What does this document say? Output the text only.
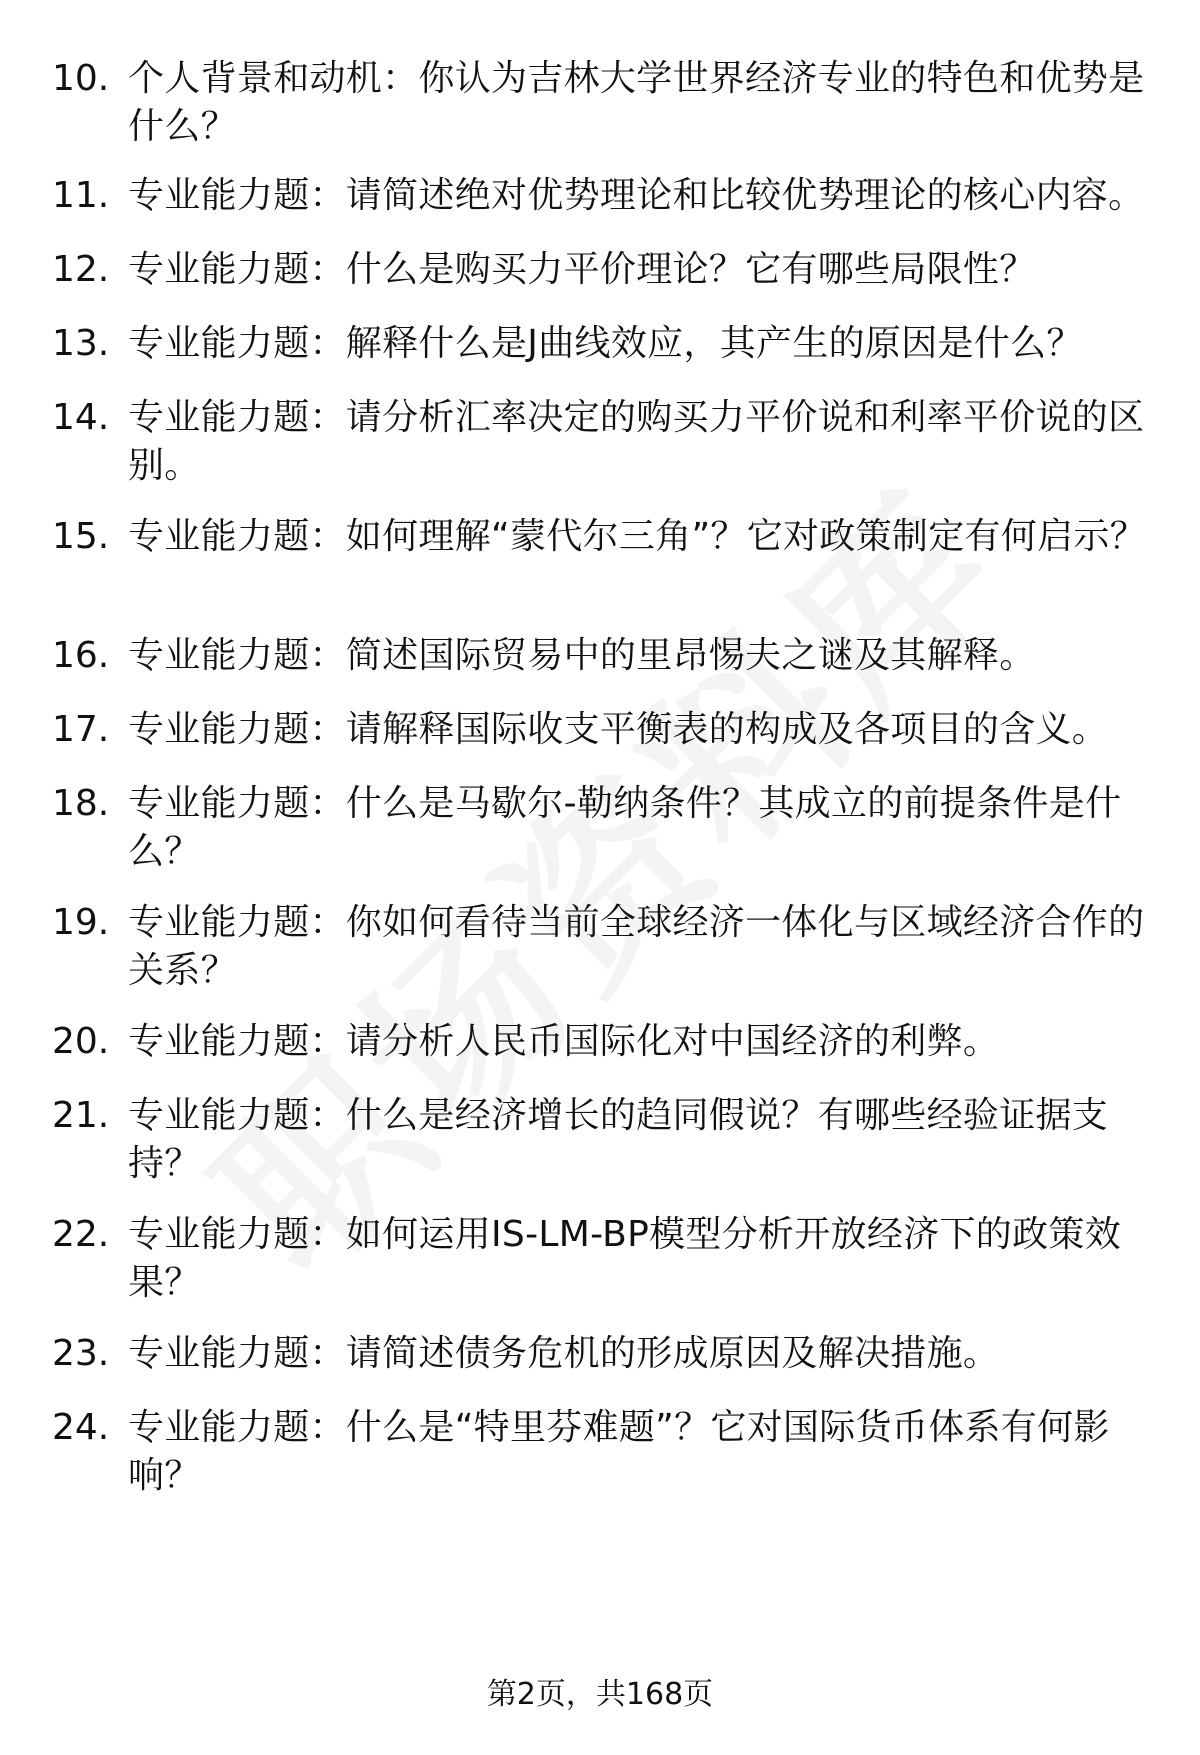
10. 个人背景和动机：你认为吉林大学世界经济专业的特色和优势是什么？
11. 专业能力题：请简述绝对优势理论和比较优势理论的核心内容。
12. 专业能力题：什么是购买力平价理论？它有哪些局限性？
13. 专业能力题：解释什么是J曲线效应，其产生的原因是什么？
14. 专业能力题：请分析汇率决定的购买力平价说和利率平价说的区别。
15. 专业能力题：如何理解“蒙代尔三角”？它对政策制定有何启示？
16. 专业能力题：简述国际贸易中的里昂惕夫之谜及其解释。
17. 专业能力题：请解释国际收支平衡表的构成及各项目的含义。
18. 专业能力题：什么是马歇尔-勒纳条件？其成立的前提条件是什么？
19. 专业能力题：你如何看待当前全球经济一体化与区域经济合作的关系？
20. 专业能力题：请分析人民币国际化对中国经济的利弊。
21. 专业能力题：什么是经济增长的趋同假说？有哪些经验证据支持？
22. 专业能力题：如何运用IS-LM-BP模型分析开放经济下的政策效果？
23. 专业能力题：请简述债务危机的形成原因及解决措施。
24. 专业能力题：什么是“特里芬难题”？它对国际货币体系有何影响？
第2页，共168页
